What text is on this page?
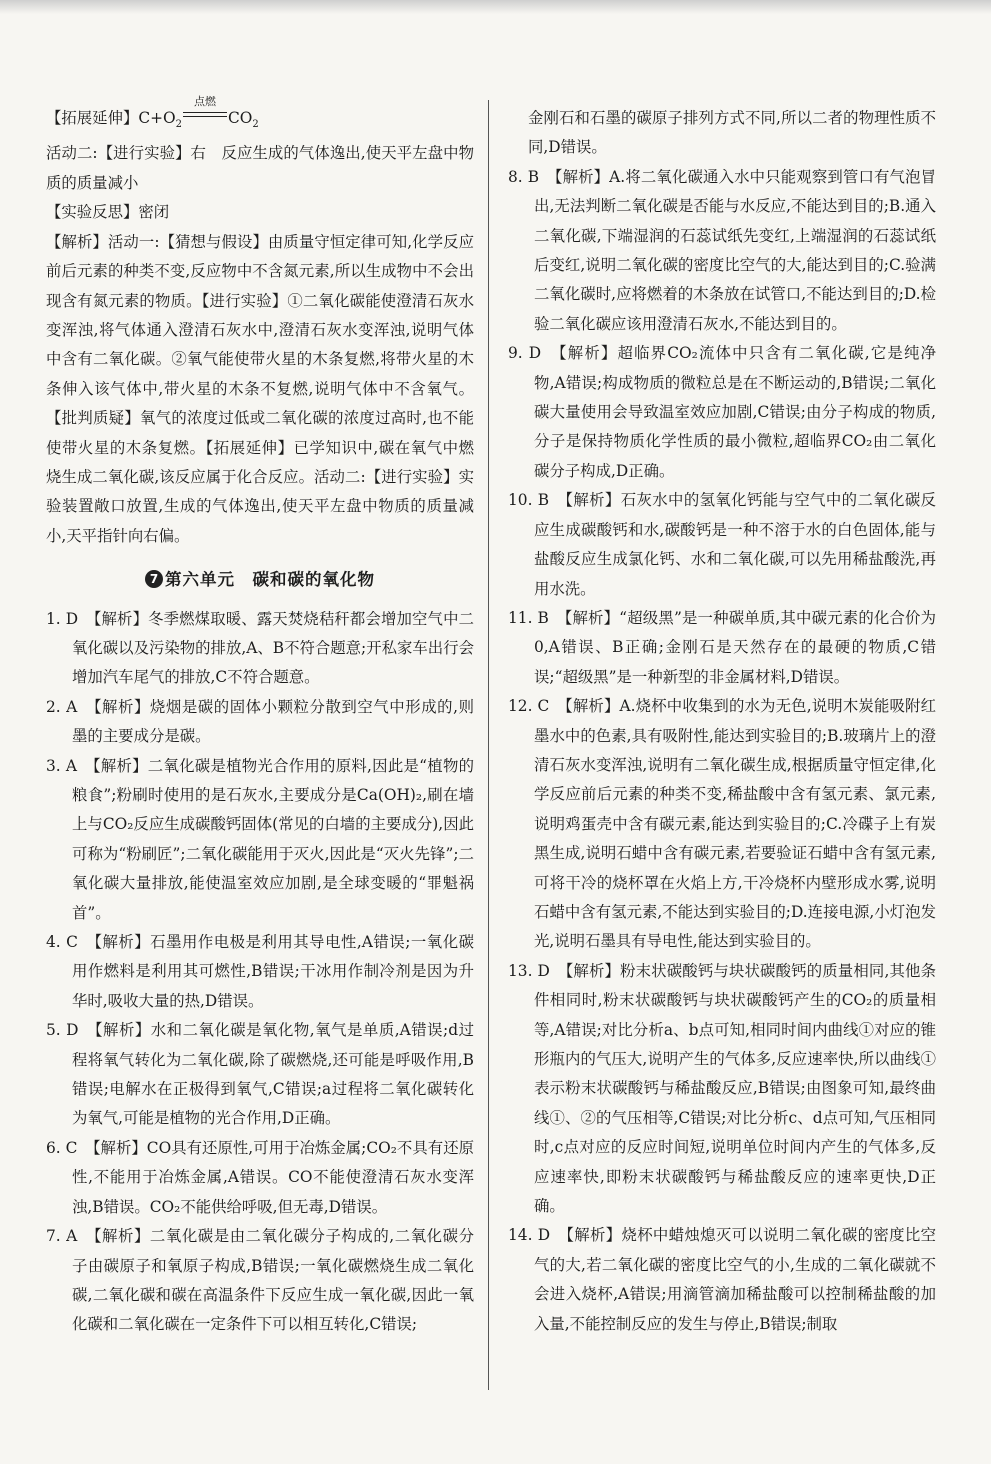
【拓展延伸】$C+O_2$
点燃
$CO_2$

活动二:【进行实验】右　反应生成的气体逸出,使天平左盘中物质的质量减小

【实验反思】密闭

【解析】活动一:【猜想与假设】由质量守恒定律可知,化学反应前后元素的种类不变,反应物中不含氮元素,所以生成物中不会出现含有氮元素的物质。【进行实验】①二氧化碳能使澄清石灰水变浑浊,将气体通入澄清石灰水中,澄清石灰水变浑浊,说明气体中含有二氧化碳。②氧气能使带火星的木条复燃,将带火星的木条伸入该气体中,带火星的木条不复燃,说明气体中不含氧气。【批判质疑】氧气的浓度过低或二氧化碳的浓度过高时,也不能使带火星的木条复燃。【拓展延伸】已学知识中,碳在氧气中燃烧生成二氧化碳,该反应属于化合反应。活动二:【进行实验】实验装置敞口放置,生成的气体逸出,使天平左盘中物质的质量减小,天平指针向右偏。

7 第六单元　碳和碳的氧化物

1. D　【解析】冬季燃煤取暖、露天焚烧秸秆都会增加空气中二氧化碳以及污染物的排放,A、B不符合题意;开私家车出行会增加汽车尾气的排放,C不符合题意。

2. A　【解析】烧烟是碳的固体小颗粒分散到空气中形成的,则墨的主要成分是碳。

3. A　【解析】二氧化碳是植物光合作用的原料,因此是“植物的粮食”;粉刷时使用的是石灰水,主要成分是Ca(OH)₂,刷在墙上与CO₂反应生成碳酸钙固体(常见的白墙的主要成分),因此可称为“粉刷匠”;二氧化碳能用于灭火,因此是“灭火先锋”;二氧化碳大量排放,能使温室效应加剧,是全球变暖的“罪魁祸首”。

4. C　【解析】石墨用作电极是利用其导电性,A错误;一氧化碳用作燃料是利用其可燃性,B错误;干冰用作制冷剂是因为升华时,吸收大量的热,D错误。

5. D　【解析】水和二氧化碳是氧化物,氧气是单质,A错误;d过程将氧气转化为二氧化碳,除了碳燃烧,还可能是呼吸作用,B错误;电解水在正极得到氧气,C错误;a过程将二氧化碳转化为氧气,可能是植物的光合作用,D正确。

6. C　【解析】CO具有还原性,可用于冶炼金属;CO₂不具有还原性,不能用于冶炼金属,A错误。CO不能使澄清石灰水变浑浊,B错误。CO₂不能供给呼吸,但无毒,D错误。

7. A　【解析】二氧化碳是由二氧化碳分子构成的,二氧化碳分子由碳原子和氧原子构成,B错误;一氧化碳燃烧生成二氧化碳,二氧化碳和碳在高温条件下反应生成一氧化碳,因此一氧化碳和二氧化碳在一定条件下可以相互转化,C错误;

金刚石和石墨的碳原子排列方式不同,所以二者的物理性质不同,D错误。

8. B　【解析】A.将二氧化碳通入水中只能观察到管口有气泡冒出,无法判断二氧化碳是否能与水反应,不能达到目的;B.通入二氧化碳,下端湿润的石蕊试纸先变红,上端湿润的石蕊试纸后变红,说明二氧化碳的密度比空气的大,能达到目的;C.验满二氧化碳时,应将燃着的木条放在试管口,不能达到目的;D.检验二氧化碳应该用澄清石灰水,不能达到目的。

9. D　【解析】超临界CO₂流体中只含有二氧化碳,它是纯净物,A错误;构成物质的微粒总是在不断运动的,B错误;二氧化碳大量使用会导致温室效应加剧,C错误;由分子构成的物质,分子是保持物质化学性质的最小微粒,超临界CO₂由二氧化碳分子构成,D正确。

10. B　【解析】石灰水中的氢氧化钙能与空气中的二氧化碳反应生成碳酸钙和水,碳酸钙是一种不溶于水的白色固体,能与盐酸反应生成氯化钙、水和二氧化碳,可以先用稀盐酸洗,再用水洗。

11. B　【解析】“超级黑”是一种碳单质,其中碳元素的化合价为0,A错误、B正确;金刚石是天然存在的最硬的物质,C错误;“超级黑”是一种新型的非金属材料,D错误。

12. C　【解析】A.烧杯中收集到的水为无色,说明木炭能吸附红墨水中的色素,具有吸附性,能达到实验目的;B.玻璃片上的澄清石灰水变浑浊,说明有二氧化碳生成,根据质量守恒定律,化学反应前后元素的种类不变,稀盐酸中含有氢元素、氯元素,说明鸡蛋壳中含有碳元素,能达到实验目的;C.冷碟子上有炭黑生成,说明石蜡中含有碳元素,若要验证石蜡中含有氢元素,可将干冷的烧杯罩在火焰上方,干冷烧杯内壁形成水雾,说明石蜡中含有氢元素,不能达到实验目的;D.连接电源,小灯泡发光,说明石墨具有导电性,能达到实验目的。

13. D　【解析】粉末状碳酸钙与块状碳酸钙的质量相同,其他条件相同时,粉末状碳酸钙与块状碳酸钙产生的CO₂的质量相等,A错误;对比分析a、b点可知,相同时间内曲线①对应的锥形瓶内的气压大,说明产生的气体多,反应速率快,所以曲线①表示粉末状碳酸钙与稀盐酸反应,B错误;由图象可知,最终曲线①、②的气压相等,C错误;对比分析c、d点可知,气压相同时,c点对应的反应时间短,说明单位时间内产生的气体多,反应速率快,即粉末状碳酸钙与稀盐酸反应的速率更快,D正确。

14. D　【解析】烧杯中蜡烛熄灭可以说明二氧化碳的密度比空气的大,若二氧化碳的密度比空气的小,生成的二氧化碳就不会进入烧杯,A错误;用滴管滴加稀盐酸可以控制稀盐酸的加入量,不能控制反应的发生与停止,B错误;制取
